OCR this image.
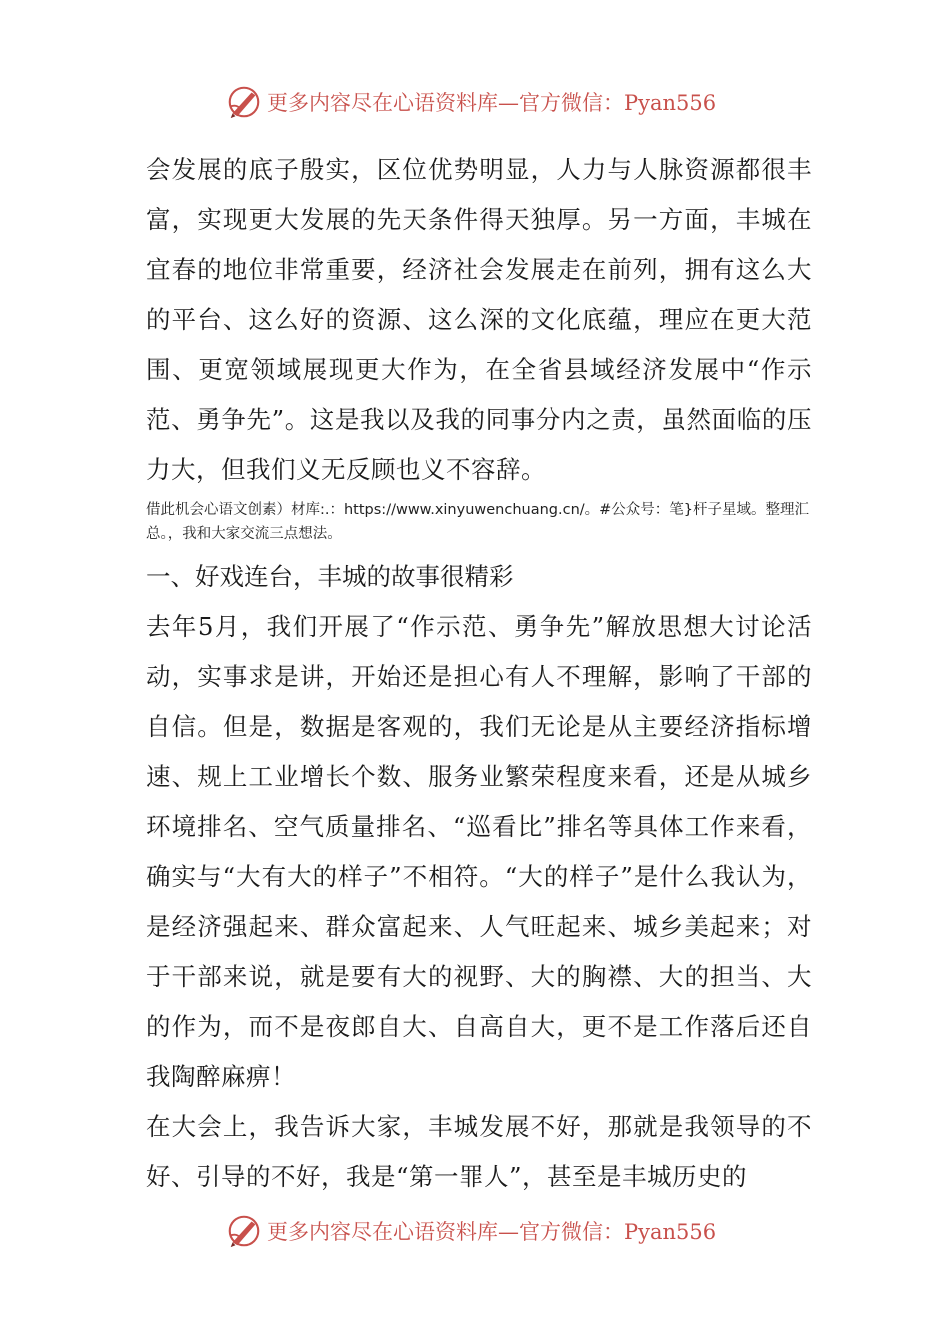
更多内容尽在心语资料库—官方微信：Pyan556

会发展的底子殷实，区位优势明显，人力与人脉资源都很丰富，实现更大发展的先天条件得天独厚。另一方面，丰城在宜春的地位非常重要，经济社会发展走在前列，拥有这么大的平台、这么好的资源、这么深的文化底蕴，理应在更大范围、更宽领域展现更大作为，在全省县域经济发展中“作示范、勇争先”。这是我以及我的同事分内之责，虽然面临的压力大，但我们义无反顾也义不容辞。

借此机会心语文创素）材库:.：https://www.xinyuwenchuang.cn/。#公众号：笔}杆子星域。整理汇总。，我和大家交流三点想法。

一、好戏连台，丰城的故事很精彩

去年5月，我们开展了“作示范、勇争先”解放思想大讨论活动，实事求是讲，开始还是担心有人不理解，影响了干部的自信。但是，数据是客观的，我们无论是从主要经济指标增速、规上工业增长个数、服务业繁荣程度来看，还是从城乡环境排名、空气质量排名、“巡看比”排名等具体工作来看，确实与“大有大的样子”不相符。“大的样子”是什么我认为，是经济强起来、群众富起来、人气旺起来、城乡美起来；对于干部来说，就是要有大的视野、大的胸襟、大的担当、大的作为，而不是夜郎自大、自高自大，更不是工作落后还自我陶醉麻痹！

在大会上，我告诉大家，丰城发展不好，那就是我领导的不好、引导的不好，我是“第一罪人”，甚至是丰城历史的

更多内容尽在心语资料库—官方微信：Pyan556
